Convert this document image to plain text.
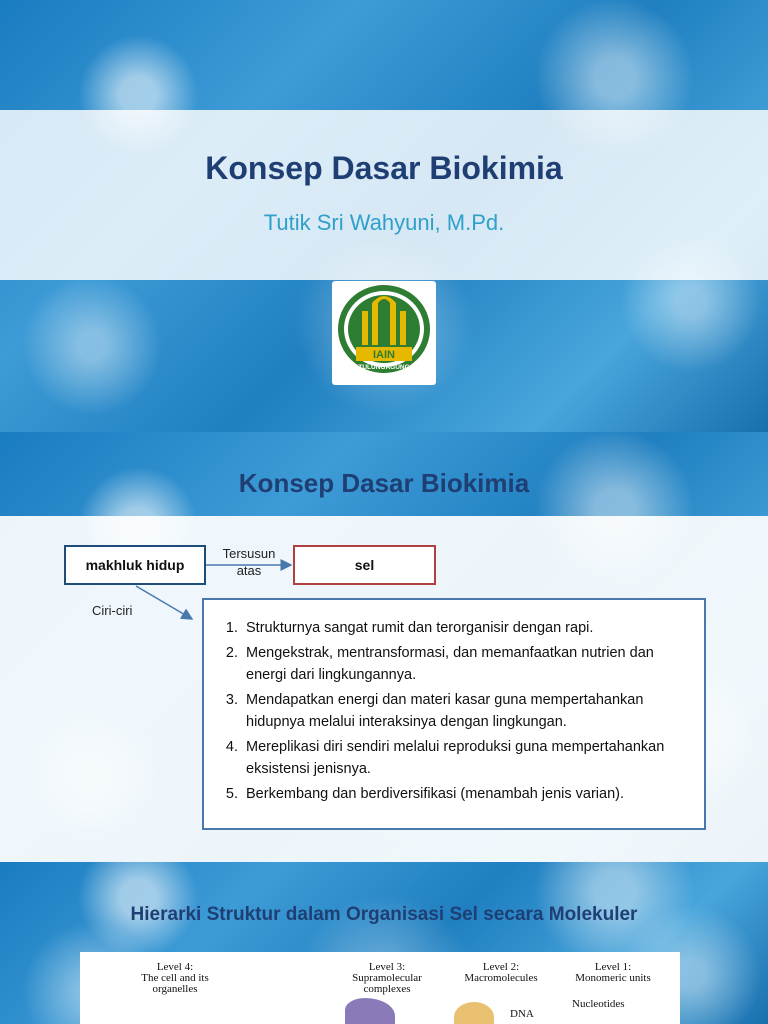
Konsep Dasar Biokimia
Tutik Sri Wahyuni, M.Pd.
IAIN
TULUNGAGUNG
Konsep Dasar Biokimia
makhluk hidup
Tersusun atas	sel
Ciri-ciri
1. Strukturnya sangat rumit dan terorganisir dengan rapi.
2. Mengekstrak, mentransformasi, dan memanfaatkan nutrien dan energi dari lingkungannya.
3. Mendapatkan energi dan materi kasar guna mempertahankan hidupnya melalui interaksinya dengan lingkungan.
4. Mereplikasi diri sendiri melalui reproduksi guna mempertahankan eksistensi jenisnya.
5. Berkembang dan berdiversifikasi (menambah jenis varian).
Hierarki Struktur dalam Organisasi Sel secara Molekuler
Level 4:
The cell and its organelles
Level 3:
Supramolecular complexes
Level 2:
Macromolecules
Level 1:
Monomeric units
DNA
Nucleotides
